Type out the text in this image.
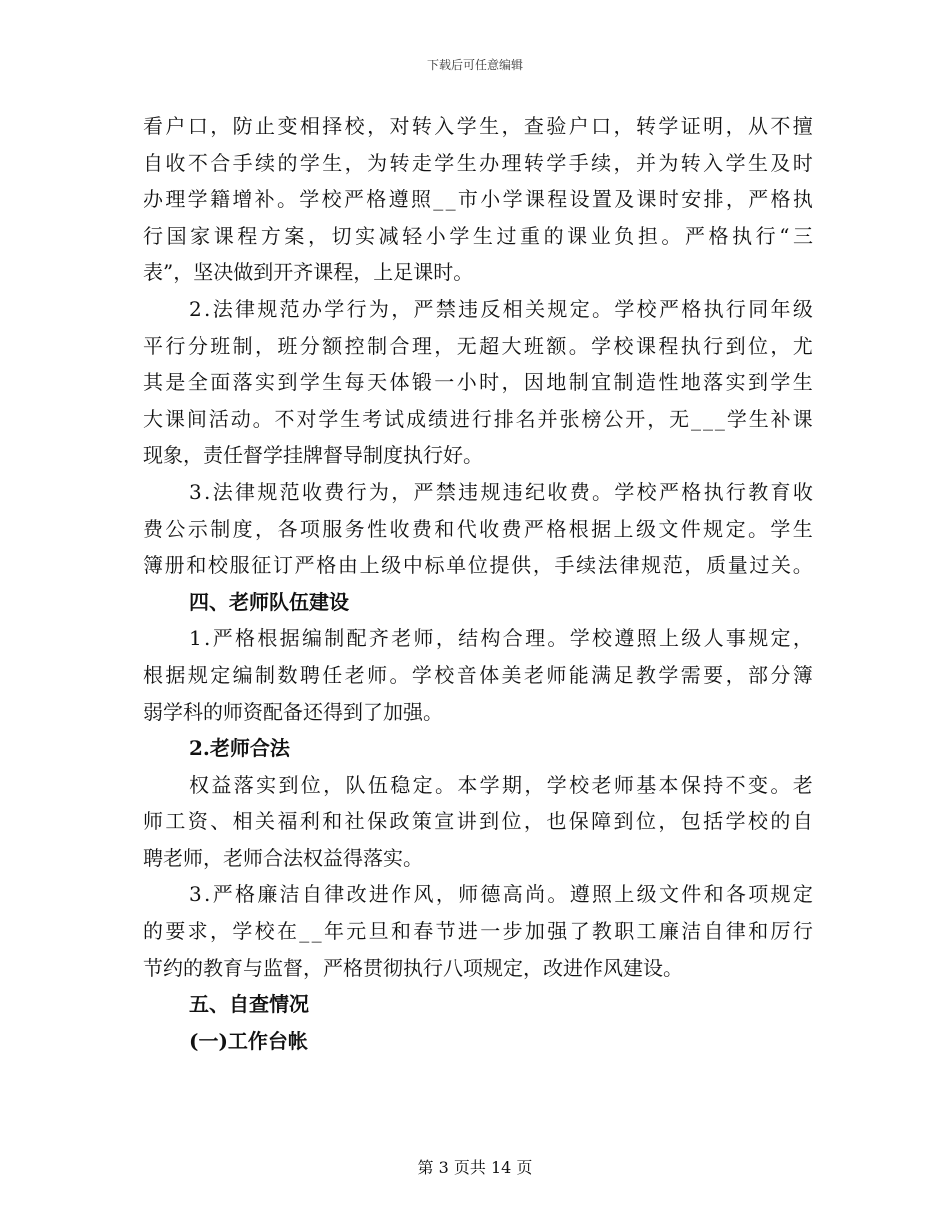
下载后可任意编辑
看 户 口 ， 防 止 变 相 择 校 ， 对 转 入 学 生 ， 查 验 户 口 ， 转 学 证 明 ， 从 不 擅
自 收 不 合 手 续 的 学 生 ， 为 转 走 学 生 办 理 转 学 手 续 ， 并 为 转 入 学 生 及 时
办 理 学 籍 增 补 。 学 校 严 格 遵 照 _ _ 市 小 学 课 程 设 置 及 课 时 安 排 ， 严 格 执
行 国 家 课 程 方 案 ， 切 实 减 轻 小 学 生 过 重 的 课 业 负 担 。 严 格 执 行 “ 三
表”，坚决做到开齐课程，上足课时。
2 . 法 律 规 范 办 学 行 为 ， 严 禁 违 反 相 关 规 定 。 学 校 严 格 执 行 同 年 级
平 行 分 班 制 ， 班 分 额 控 制 合 理 ， 无 超 大 班 额 。 学 校 课 程 执 行 到 位 ， 尤
其 是 全 面 落 实 到 学 生 每 天 体 锻 一 小 时 ， 因 地 制 宜 制 造 性 地 落 实 到 学 生
大 课 间 活 动 。 不 对 学 生 考 试 成 绩 进 行 排 名 并 张 榜 公 开 ， 无 _ _ _ 学 生 补 课
现象，责任督学挂牌督导制度执行好。
3 . 法 律 规 范 收 费 行 为 ， 严 禁 违 规 违 纪 收 费 。 学 校 严 格 执 行 教 育 收
费 公 示 制 度 ， 各 项 服 务 性 收 费 和 代 收 费 严 格 根 据 上 级 文 件 规 定 。 学 生
簿 册 和 校 服 征 订 严 格 由 上 级 中 标 单 位 提 供 ， 手 续 法 律 规 范 ， 质 量 过 关 。
四、老师队伍建设
1 . 严 格 根 据 编 制 配 齐 老 师 ， 结 构 合 理 。 学 校 遵 照 上 级 人 事 规 定 ，
根 据 规 定 编 制 数 聘 任 老 师 。 学 校 音 体 美 老 师 能 满 足 教 学 需 要 ， 部 分 簿
弱学科的师资配备还得到了加强。
2.老师合法
权 益 落 实 到 位 ， 队 伍 稳 定 。 本 学 期 ， 学 校 老 师 基 本 保 持 不 变 。 老
师 工 资 、 相 关 福 利 和 社 保 政 策 宣 讲 到 位 ， 也 保 障 到 位 ， 包 括 学 校 的 自
聘老师，老师合法权益得落实。
3 . 严 格 廉 洁 自 律 改 进 作 风 ， 师 德 高 尚 。 遵 照 上 级 文 件 和 各 项 规 定
的 要 求 ， 学 校 在 _ _ 年 元 旦 和 春 节 进 一 步 加 强 了 教 职 工 廉 洁 自 律 和 厉 行
节约的教育与监督，严格贯彻执行八项规定，改进作风建设。
五、自查情况
(一)工作台帐
第 3 页共 14 页
